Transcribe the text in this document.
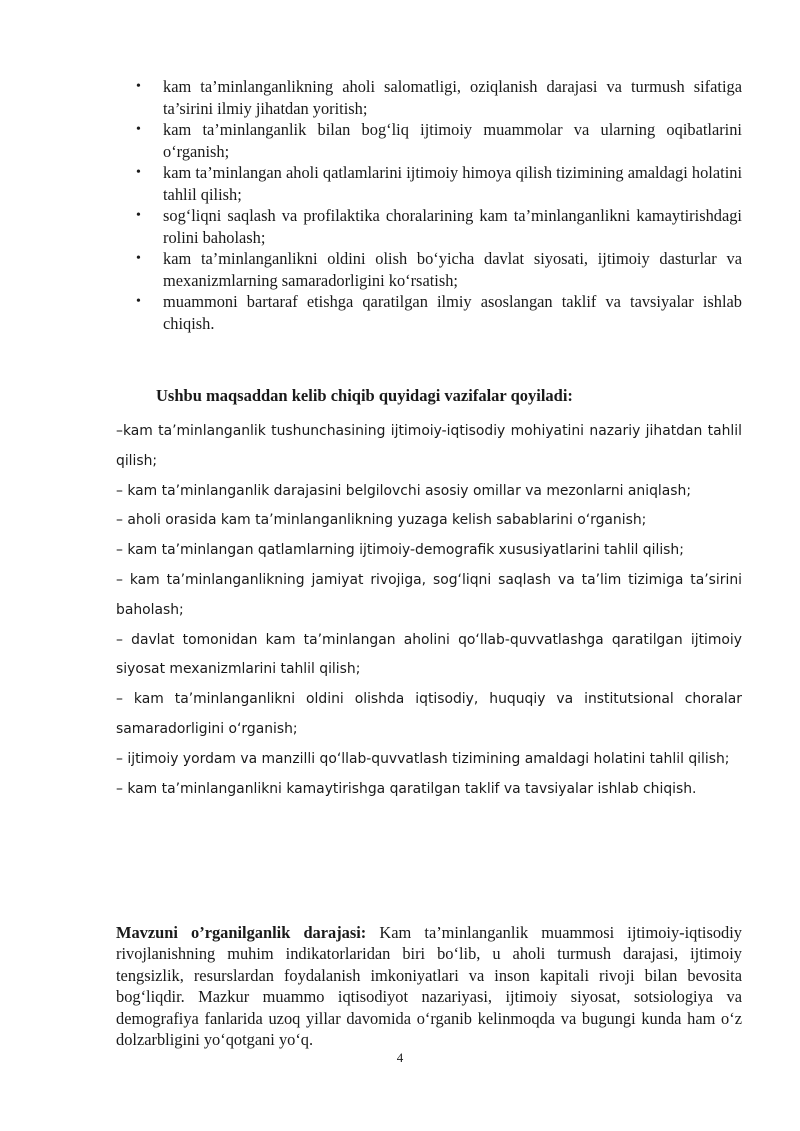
• kam ta’minlanganlikning aholi salomatligi, oziqlanish darajasi va turmush sifatiga ta’sirini ilmiy jihatdan yoritish;
• kam ta’minlanganlik bilan bog‘liq ijtimoiy muammolar va ularning oqibatlarini o‘rganish;
• kam ta’minlangan aholi qatlamlarini ijtimoiy himoya qilish tizimining amaldagi holatini tahlil qilish;
• sog‘liqni saqlash va profilaktika choralarining kam ta’minlanganlikni kamaytirishdagi rolini baholash;
• kam ta’minlanganlikni oldini olish bo‘yicha davlat siyosati, ijtimoiy dasturlar va mexanizmlarning samaradorligini ko‘rsatish;
• muammoni bartaraf etishga qaratilgan ilmiy asoslangan taklif va tavsiyalar ishlab chiqish.

Ushbu maqsaddan kelib chiqib quyidagi vazifalar qoyiladi:

–kam ta’minlanganlik tushunchasining ijtimoiy-iqtisodiy mohiyatini nazariy jihatdan tahlil qilish;
– kam ta’minlanganlik darajasini belgilovchi asosiy omillar va mezonlarni aniqlash;
– aholi orasida kam ta’minlanganlikning yuzaga kelish sabablarini o‘rganish;
– kam ta’minlangan qatlamlarning ijtimoiy-demografik xususiyatlarini tahlil qilish;
– kam ta’minlanganlikning jamiyat rivojiga, sog‘liqni saqlash va ta’lim tizimiga ta’sirini baholash;
– davlat tomonidan kam ta’minlangan aholini qo‘llab-quvvatlashga qaratilgan ijtimoiy siyosat mexanizmlarini tahlil qilish;
– kam ta’minlanganlikni oldini olishda iqtisodiy, huquqiy va institutsional choralar samaradorligini o‘rganish;
– ijtimoiy yordam va manzilli qo‘llab-quvvatlash tizimining amaldagi holatini tahlil qilish;
– kam ta’minlanganlikni kamaytirishga qaratilgan taklif va tavsiyalar ishlab chiqish.

Mavzuni o’rganilganlik darajasi: Kam ta’minlanganlik muammosi ijtimoiy-iqtisodiy rivojlanishning muhim indikatorlaridan biri bo‘lib, u aholi turmush darajasi, ijtimoiy tengsizlik, resurslardan foydalanish imkoniyatlari va inson kapitali rivoji bilan bevosita bog‘liqdir. Mazkur muammo iqtisodiyot nazariyasi, ijtimoiy siyosat, sotsiologiya va demografiya fanlarida uzoq yillar davomida o‘rganib kelinmoqda va bugungi kunda ham o‘z dolzarbligini yo‘qotgani yo‘q.

4
